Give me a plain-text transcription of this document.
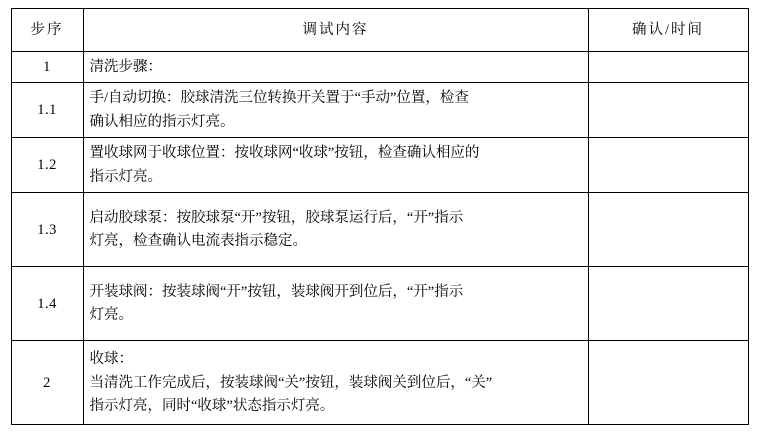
步序	调试内容	确认/时间
1	清洗步骤：	

1.1	手/自动切换：胶球清洗三位转换开关置于“手动”位置，检查
确认相应的指示灯亮。	

1.2	置收球网于收球位置：按收球网“收球”按钮，检查确认相应的
指示灯亮。	

1.3	启动胶球泵：按胶球泵“开”按钮，胶球泵运行后，“开”指示
灯亮，检查确认电流表指示稳定。	

1.4	开装球阀：按装球阀“开”按钮，装球阀开到位后，“开”指示
灯亮。	

2	收球：
当清洗工作完成后，按装球阀“关”按钮，装球阀关到位后，“关”
指示灯亮，同时“收球”状态指示灯亮。	
